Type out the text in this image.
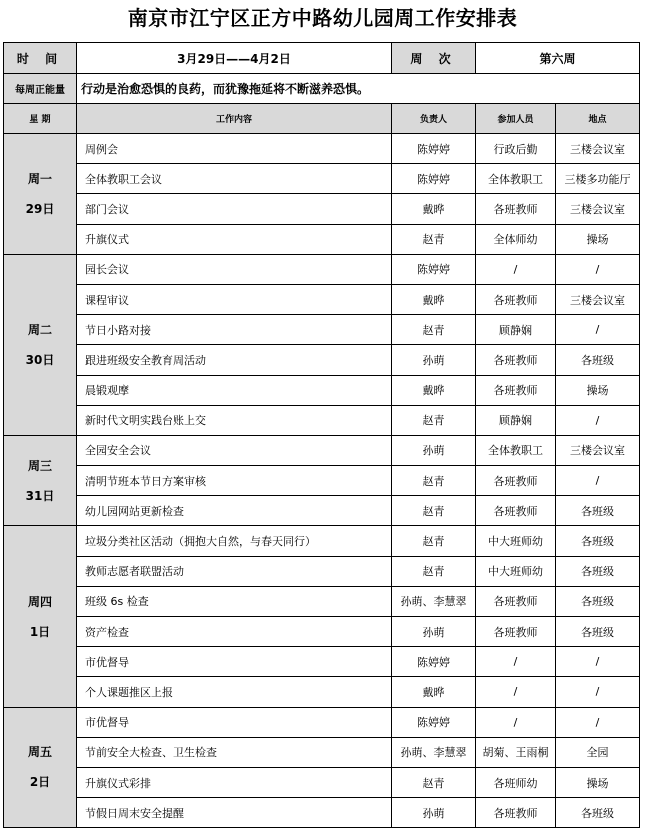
南京市江宁区正方中路幼儿园周工作安排表
时 间	3月29日——4月2日	周 次	第六周	
每周正能量	行动是治愈恐惧的良药，而犹豫拖延将不断滋养恐惧。			
星 期	工作内容	负责人	参加人员	地点

周一
29日	周例会	陈婷婷	行政后勤	三楼会议室
	全体教职工会议	陈婷婷	全体教职工	三楼多功能厅
	部门会议	戴晔	各班教师	三楼会议室
	升旗仪式	赵青	全体师幼	操场

周二
30日	园长会议	陈婷婷	/	/
	课程审议	戴晔	各班教师	三楼会议室
	节日小路对接	赵青	顾静娴	/
	跟进班级安全教育周活动	孙萌	各班教师	各班级
	晨锻观摩	戴晔	各班教师	操场
	新时代文明实践台账上交	赵青	顾静娴	/

周三
31日	全园安全会议	孙萌	全体教职工	三楼会议室
	清明节班本节日方案审核	赵青	各班教师	/
	幼儿园网站更新检查	赵青	各班教师	各班级

周四
1日	垃圾分类社区活动（拥抱大自然，与春天同行）	赵青	中大班师幼	各班级
	教师志愿者联盟活动	赵青	中大班师幼	各班级
	班级 6s 检查	孙萌、李慧翠	各班教师	各班级
	资产检查	孙萌	各班教师	各班级
	市优督导	陈婷婷	/	/
	个人课题推区上报	戴晔	/	/

周五
2日	市优督导	陈婷婷	/	/
	节前安全大检查、卫生检查	孙萌、李慧翠	胡菊、王雨桐	全园
	升旗仪式彩排	赵青	各班师幼	操场
	节假日周末安全提醒	孙萌	各班教师	各班级
